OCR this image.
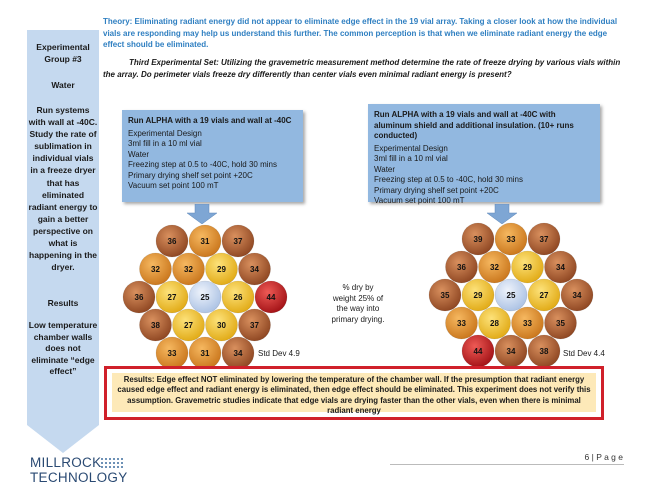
Experimental Group #3
Water
Run systems with wall at -40C. Study the rate of sublimation in individual vials in a freeze dryer that has eliminated radiant energy to gain a better perspective on what is happening in the dryer.
Results
Low temperature chamber walls does not eliminate “edge effect”
Theory: Eliminating radiant energy did not appear to eliminate edge effect in the 19 vial array. Taking a closer look at how the individual vials are responding may help us understand this further. The common perception is that when we eliminate radiant energy the edge effect should be eliminated.
Third Experimental Set: Utilizing the gravemetric measurement method determine the rate of freeze drying by various vials within the array. Do perimeter vials freeze dry differently than center vials even minimal radiant energy is present?
Run ALPHA with a 19 vials and wall at -40C
Experimental Design
3ml fill in a 10 ml vial
Water
Freezing step at 0.5 to -40C, hold 30 mins
Primary drying shelf set point +20C
Vacuum set point 100 mT
Run ALPHA with a 19 vials and wall at -40C with aluminum shield and additional insulation. (10+ runs conducted)
Experimental Design
3ml fill in a 10 ml vial
Water
Freezing step at 0.5 to -40C, hold 30 mins
Primary drying shelf set point +20C
Vacuum set point 100 mT
36	31	37
32	32	29	34
36	27	25	26	44
38	27	30	37
33	31	34
39	33	37
36	32	29	34
35	29	25	27	34
33	28	33	35
44	34	38
Std Dev 4.9	Std Dev 4.4
% dry by weight 25% of the way into primary drying.
Results: Edge effect NOT eliminated by lowering the temperature of the chamber wall. If the presumption that radiant energy caused edge effect and radiant energy is eliminated, then edge effect should be eliminated. This experiment does not verify this assumption. Gravemetric studies indicate that edge vials are drying faster than the other vials, even when there is minimal radiant energy
6 | P a g e
MILLROCK
TECHNOLOGY
